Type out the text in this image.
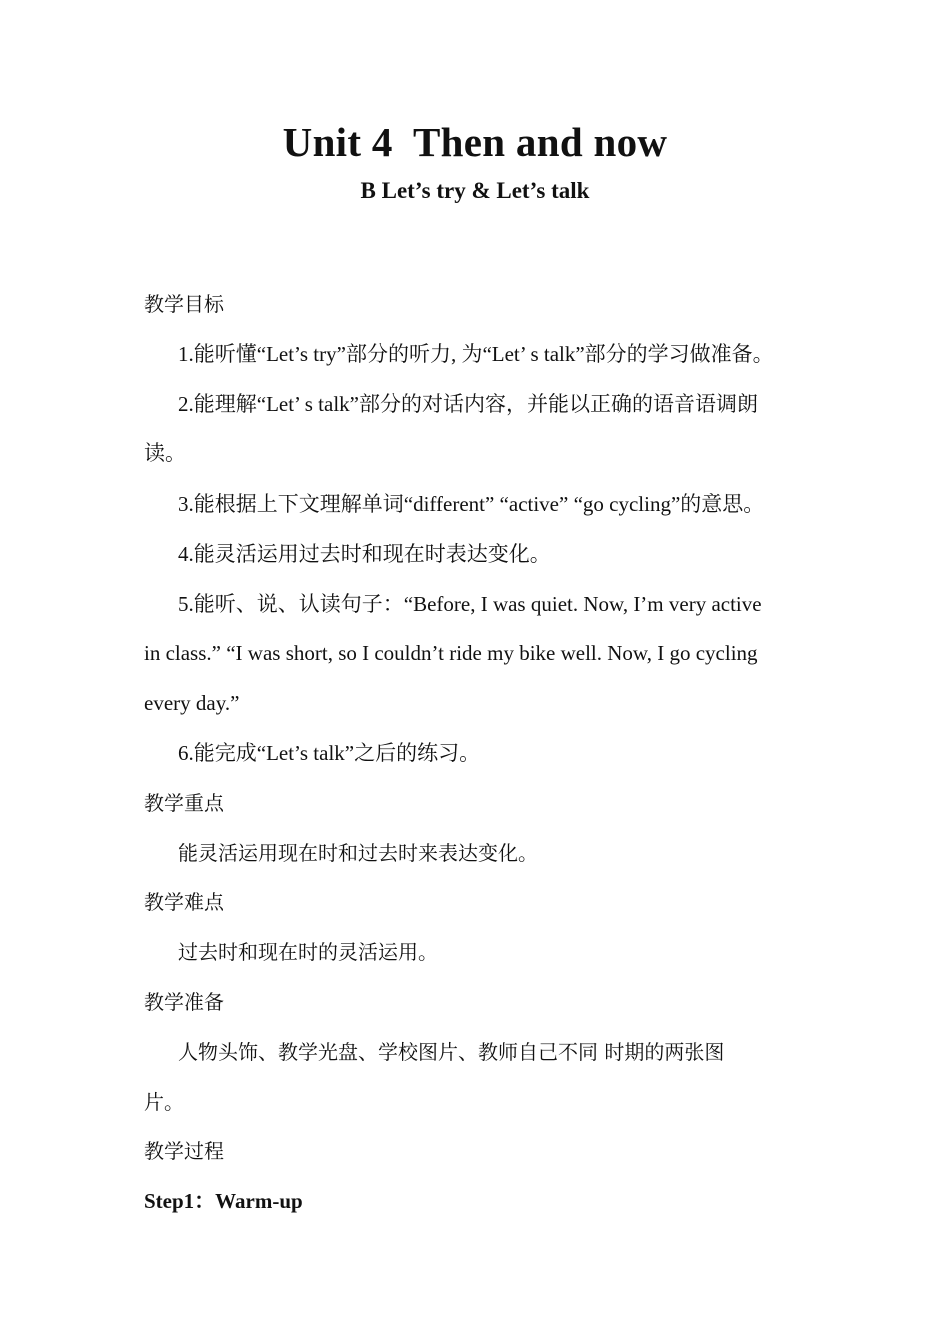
Unit 4  Then and now
B Let’s try & Let’s talk
教学目标
1.能听懂“Let’s try”部分的听力, 为“Let’ s talk”部分的学习做准备。
2.能理解“Let’ s talk”部分的对话内容，并能以正确的语音语调朗
读。
3.能根据上下文理解单词“different” “active” “go cycling”的意思。
4.能灵活运用过去时和现在时表达变化。
5.能听、说、认读句子：“Before, I was quiet. Now, I’m very active
in class.” “I was short, so I couldn’t ride my bike well. Now, I go cycling
every day.”
6.能完成“Let’s talk”之后的练习。
教学重点
能灵活运用现在时和过去时来表达变化。
教学难点
过去时和现在时的灵活运用。
教学准备
人物头饰、教学光盘、学校图片、教师自己不同 时期的两张图
片。
教学过程
Step1：Warm-up
